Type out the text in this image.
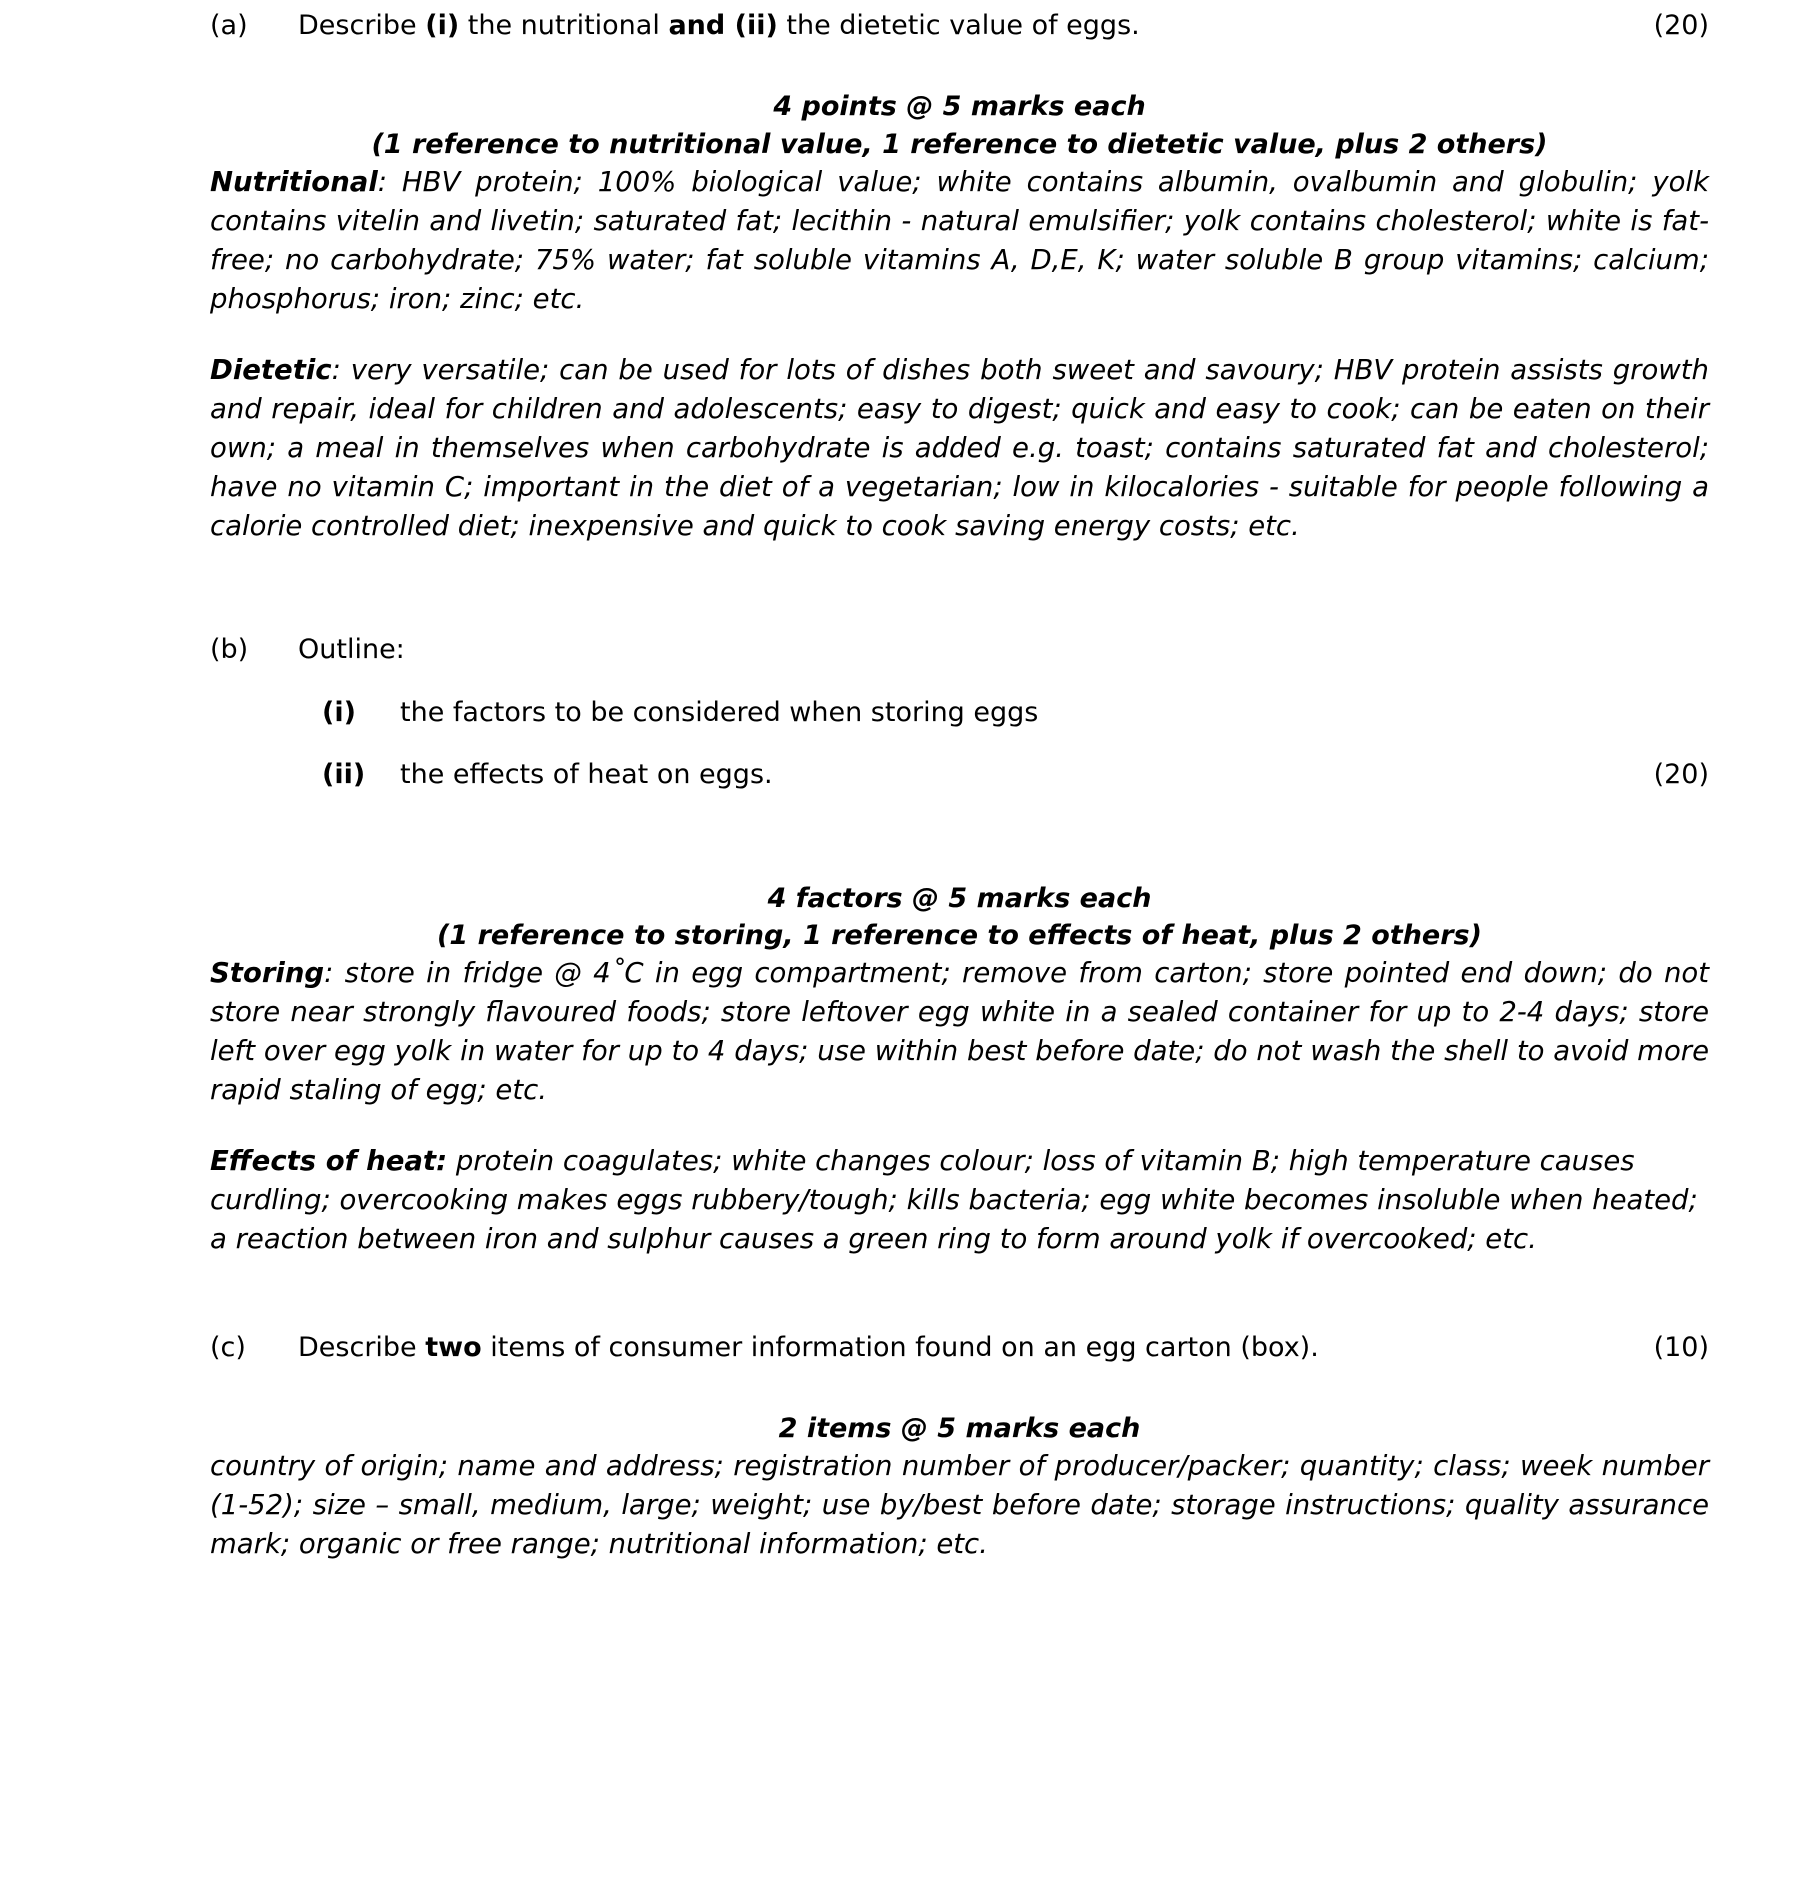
(a)	Describe (i) the nutritional and (ii) the dietetic value of eggs.	(20)
4 points @ 5 marks each
(1 reference to nutritional value, 1 reference to dietetic value, plus 2 others)

Nutritional: HBV protein; 100% biological value; white contains albumin, ovalbumin and globulin; yolk contains vitelin and livetin; saturated fat; lecithin - natural emulsifier; yolk contains cholesterol; white is fat-free; no carbohydrate; 75% water; fat soluble vitamins A, D,E, K; water soluble B group vitamins; calcium; phosphorus; iron; zinc; etc.

Dietetic: very versatile; can be used for lots of dishes both sweet and savoury; HBV protein assists growth and repair, ideal for children and adolescents; easy to digest; quick and easy to cook; can be eaten on their own; a meal in themselves when carbohydrate is added e.g. toast; contains saturated fat and cholesterol; have no vitamin C; important in the diet of a vegetarian; low in kilocalories - suitable for people following a calorie controlled diet; inexpensive and quick to cook saving energy costs; etc.

(b)	Outline:
(i)	the factors to be considered when storing eggs
(ii)	the effects of heat on eggs.	(20)
4 factors @ 5 marks each
(1 reference to storing, 1 reference to effects of heat, plus 2 others)

Storing: store in fridge @ 4˚C in egg compartment; remove from carton; store pointed end down; do not store near strongly flavoured foods; store leftover egg white in a sealed container for up to 2-4 days; store left over egg yolk in water for up to 4 days; use within best before date; do not wash the shell to avoid more rapid staling of egg; etc.

Effects of heat: protein coagulates; white changes colour; loss of vitamin B; high temperature causes curdling; overcooking makes eggs rubbery/tough; kills bacteria; egg white becomes insoluble when heated; a reaction between iron and sulphur causes a green ring to form around yolk if overcooked; etc.

(c)	Describe two items of consumer information found on an egg carton (box).	(10)
2 items @ 5 marks each

country of origin; name and address; registration number of producer/packer; quantity; class; week number (1-52); size – small, medium, large; weight; use by/best before date; storage instructions; quality assurance mark; organic or free range; nutritional information; etc.
